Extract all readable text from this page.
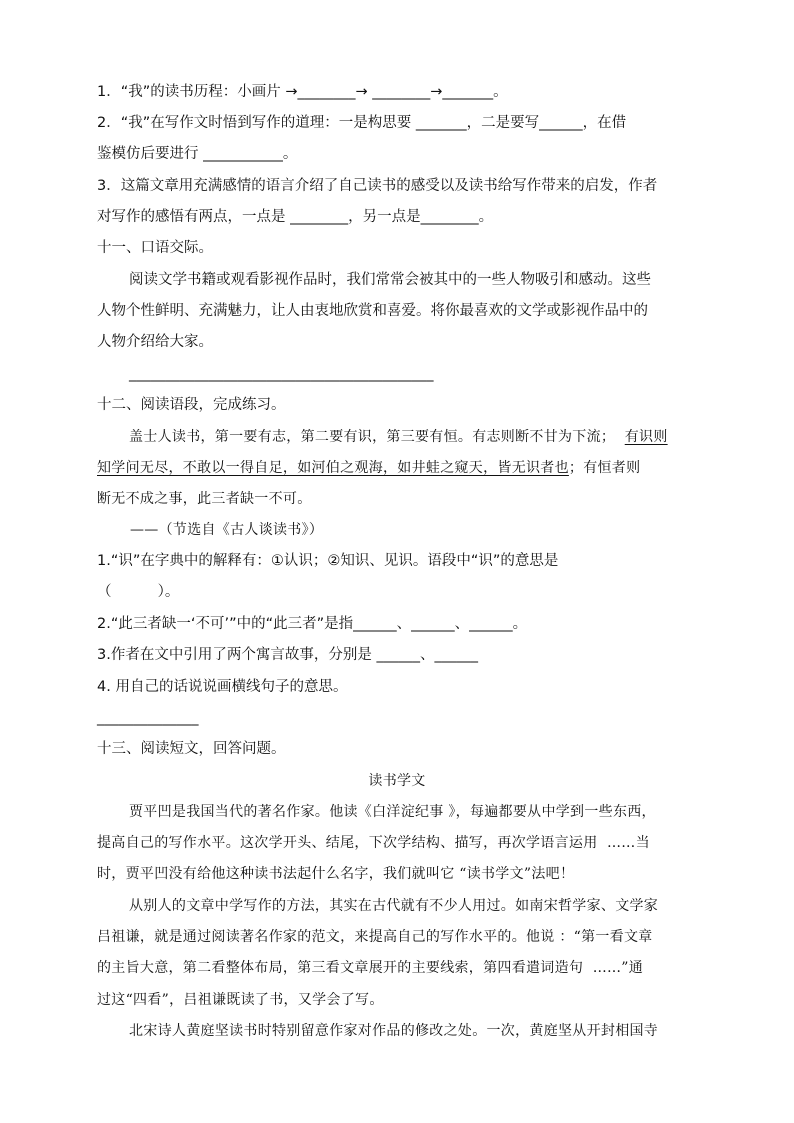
1．“我”的读书历程：小画片 →________→ ________→_______。
2．“我”在写作文时悟到写作的道理：一是构思要 _______，二是要写______，在借
鉴模仿后要进行 ___________。
3．这篇文章用充满感情的语言介绍了自己读书的感受以及读书给写作带来的启发，作者
对写作的感悟有两点，一点是 ________，另一点是________。
十一、口语交际。
阅读文学书籍或观看影视作品时，我们常常会被其中的一些人物吸引和感动。这些
人物个性鲜明、充满魅力，让人由衷地欣赏和喜爱。将你最喜欢的文学或影视作品中的
人物介绍给大家。
__________________________________________
十二、阅读语段，完成练习。
盖士人读书，第一要有志，第二要有识，第三要有恒。有志则断不甘为下流； 有识则
知学问无尽，不敢以一得自足，如河伯之观海，如井蛙之窥天，皆无识者也；有恒者则
断无不成之事，此三者缺一不可。
——（节选自《古人谈读书》）
1.“识”在字典中的解释有：①认识；②知识、见识。语段中“识”的意思是
（          ）。
2.“此三者缺一‘不可’”中的“此三者”是指______、______、______。
3.作者在文中引用了两个寓言故事，分别是 ______、______
4. 用自己的话说说画横线句子的意思。
______________
十三、阅读短文，回答问题。
读书学文
贾平凹是我国当代的著名作家。他读《白洋淀纪事 》，每遍都要从中学到一些东西，
提高自己的写作水平。这次学开头、结尾，下次学结构、描写，再次学语言运用  ……当
时，贾平凹没有给他这种读书法起什么名字，我们就叫它 “读书学文”法吧！
从别人的文章中学写作的方法，其实在古代就有不少人用过。如南宋哲学家、文学家
吕祖谦，就是通过阅读著名作家的范文，来提高自己的写作水平的。他说 ：“第一看文章
的主旨大意，第二看整体布局，第三看文章展开的主要线索，第四看遣词造句  ……”通
过这“四看”，吕祖谦既读了书，又学会了写。
北宋诗人黄庭坚读书时特别留意作家对作品的修改之处。一次，黄庭坚从开封相国寺
